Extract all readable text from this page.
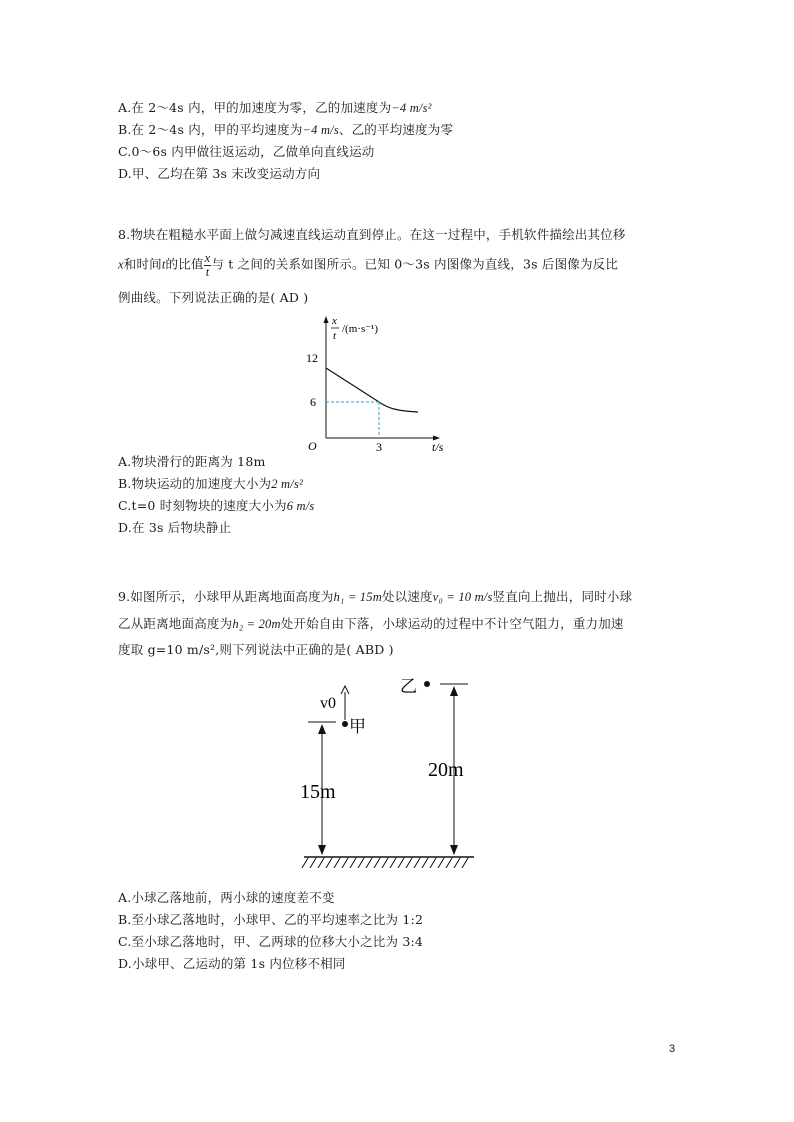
A.在 2～4s 内，甲的加速度为零，乙的加速度为−4 m/s²
B.在 2～4s 内，甲的平均速度为−4 m/s、乙的平均速度为零
C.0～6s 内甲做往返运动，乙做单向直线运动
D.甲、乙均在第 3s 末改变运动方向
8.物块在粗糙水平面上做匀减速直线运动直到停止。在这一过程中，手机软件描绘出其位移
x和时间t的比值 $\frac{x}{t}$ 与 t 之间的关系如图所示。已知 0～3s 内图像为直线，3s 后图像为反比
例曲线。下列说法正确的是( AD )
x
t
/(m·s⁻¹)
12
6
O	3	t/s
A.物块滑行的距离为 18m
B.物块运动的加速度大小为2 m/s²
C.t=0 时刻物块的速度大小为6 m/s
D.在 3s 后物块静止
9.如图所示，小球甲从距离地面高度为h₁ = 15m处以速度v₀ = 10 m/s竖直向上抛出，同时小球
乙从距离地面高度为h₂ = 20m处开始自由下落，小球运动的过程中不计空气阻力，重力加速
度取 g=10 m/s²,则下列说法中正确的是( ABD )
v0
甲
15m
乙
20m
A.小球乙落地前，两小球的速度差不变
B.至小球乙落地时，小球甲、乙的平均速率之比为 1:2
C.至小球乙落地时，甲、乙两球的位移大小之比为 3:4
D.小球甲、乙运动的第 1s 内位移不相同
3
